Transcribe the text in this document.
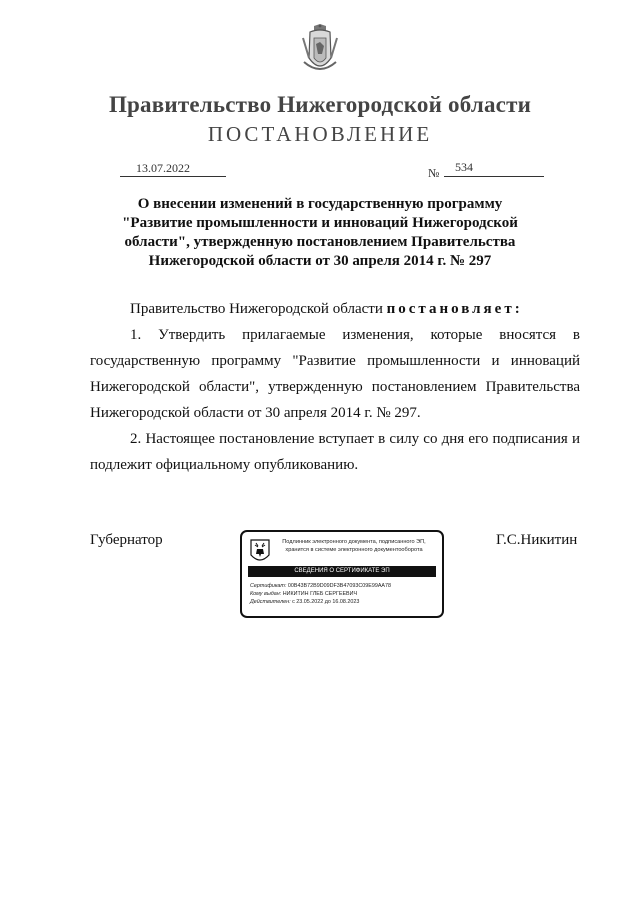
Правительство Нижегородской области
ПОСТАНОВЛЕНИЕ
13.07.2022	№ 534
О внесении изменений в государственную программу "Развитие промышленности и инноваций Нижегородской области", утвержденную постановлением Правительства Нижегородской области от 30 апреля 2014 г. № 297
Правительство Нижегородской области постановляет:
1. Утвердить прилагаемые изменения, которые вносятся в государственную программу "Развитие промышленности и инноваций Нижегородской области", утвержденную постановлением Правительства Нижегородской области от 30 апреля 2014 г. № 297.
2. Настоящее постановление вступает в силу со дня его подписания и подлежит официальному опубликованию.
Губернатор	Г.С.Никитин
Подлинник электронного документа, подписанного ЭП, хранится в системе электронного документооборота
СВЕДЕНИЯ О СЕРТИФИКАТЕ ЭП
Сертификат: 00B43B72B9D09DF3B47093C09E99AA78
Кому выдан: НИКИТИН ГЛЕБ СЕРГЕЕВИЧ
Действителен: с 23.05.2022 до 16.08.2023
